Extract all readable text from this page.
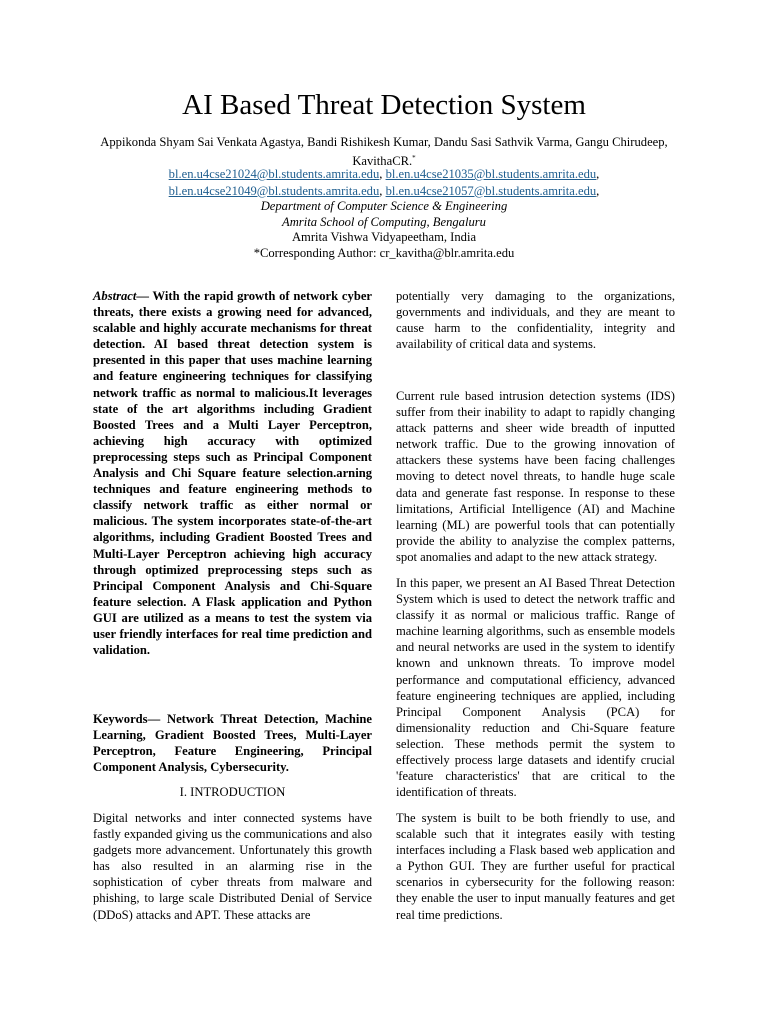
AI Based Threat Detection System
Appikonda Shyam Sai Venkata Agastya, Bandi Rishikesh Kumar, Dandu Sasi Sathvik Varma, Gangu Chirudeep, KavithaCR.*
bl.en.u4cse21024@bl.students.amrita.edu, bl.en.u4cse21035@bl.students.amrita.edu,
bl.en.u4cse21049@bl.students.amrita.edu, bl.en.u4cse21057@bl.students.amrita.edu,
Department of Computer Science & Engineering
Amrita School of Computing, Bengaluru
Amrita Vishwa Vidyapeetham, India
*Corresponding Author: cr_kavitha@blr.amrita.edu

Abstract— With the rapid growth of network cyber threats, there exists a growing need for advanced, scalable and highly accurate mechanisms for threat detection. AI based threat detection system is presented in this paper that uses machine learning and feature engineering techniques for classifying network traffic as normal to malicious.It leverages state of the art algorithms including Gradient Boosted Trees and a Multi Layer Perceptron, achieving high accuracy with optimized preprocessing steps such as Principal Component Analysis and Chi Square feature selection.arning techniques and feature engineering methods to classify network traffic as either normal or malicious. The system incorporates state-of-the-art algorithms, including Gradient Boosted Trees and Multi-Layer Perceptron achieving high accuracy through optimized preprocessing steps such as Principal Component Analysis and Chi-Square feature selection. A Flask application and Python GUI are utilized as a means to test the system via user friendly interfaces for real time prediction and validation.

Keywords— Network Threat Detection, Machine Learning, Gradient Boosted Trees, Multi-Layer Perceptron, Feature Engineering, Principal Component Analysis, Cybersecurity.
I. INTRODUCTION
Digital networks and inter connected systems have fastly expanded giving us the communications and also gadgets more advancement. Unfortunately this growth has also resulted in an alarming rise in the sophistication of cyber threats from malware and phishing, to large scale Distributed Denial of Service (DDoS) attacks and APT. These attacks are
potentially very damaging to the organizations, governments and individuals, and they are meant to cause harm to the confidentiality, integrity and availability of critical data and systems.
Current rule based intrusion detection systems (IDS) suffer from their inability to adapt to rapidly changing attack patterns and sheer wide breadth of inputted network traffic. Due to the growing innovation of attackers these systems have been facing challenges moving to detect novel threats, to handle huge scale data and generate fast response. In response to these limitations, Artificial Intelligence (AI) and Machine learning (ML) are powerful tools that can potentially provide the ability to analyzise the complex patterns, spot anomalies and adapt to the new attack strategy.
In this paper, we present an AI Based Threat Detection System which is used to detect the network traffic and classify it as normal or malicious traffic. Range of machine learning algorithms, such as ensemble models and neural networks are used in the system to identify known and unknown threats. To improve model performance and computational efficiency, advanced feature engineering techniques are applied, including Principal Component Analysis (PCA) for dimensionality reduction and Chi-Square feature selection. These methods permit the system to effectively process large datasets and identify crucial 'feature characteristics' that are critical to the identification of threats.
The system is built to be both friendly to use, and scalable such that it integrates easily with testing interfaces including a Flask based web application and a Python GUI. They are further useful for practical scenarios in cybersecurity for the following reason: they enable the user to input manually features and get real time predictions.
